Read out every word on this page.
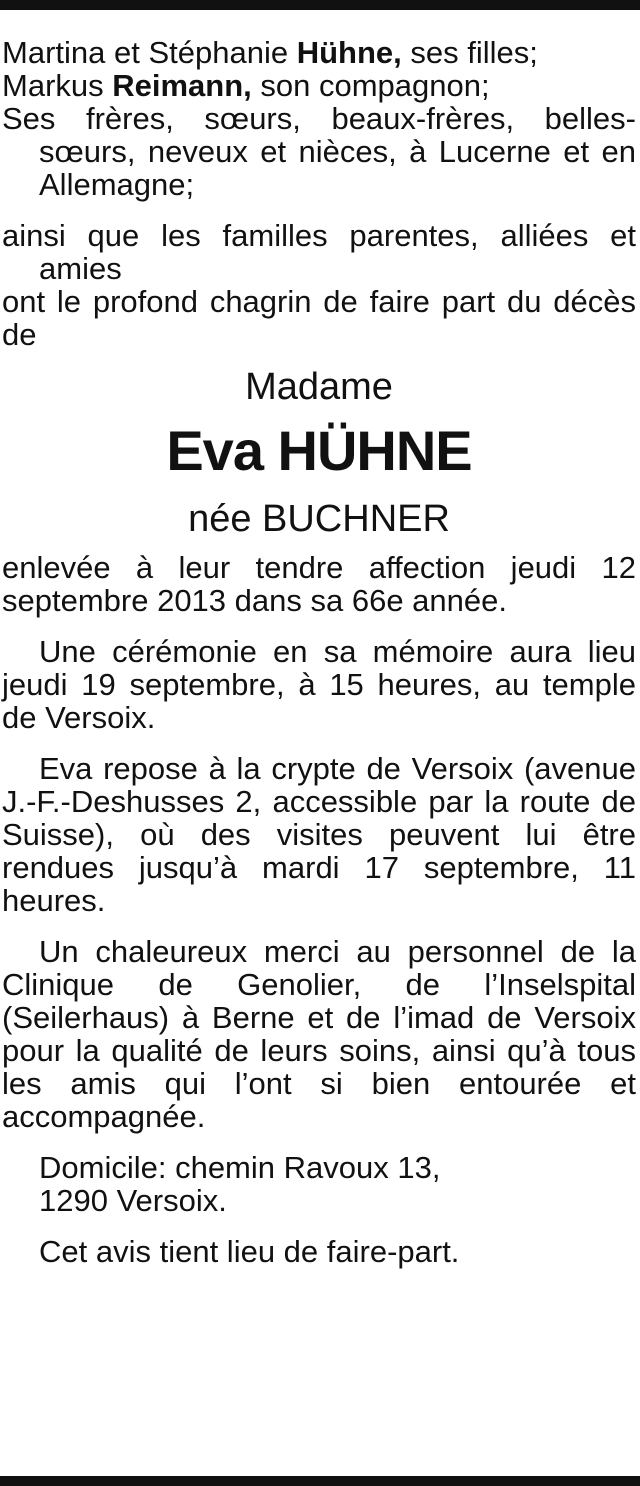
Martina et Stéphanie Hühne, ses filles;
Markus Reimann, son compagnon;
Ses frères, sœurs, beaux-frères, belles-sœurs, neveux et nièces, à Lucerne et en Allemagne;
ainsi que les familles parentes, alliées et amies
ont le profond chagrin de faire part du décès de
Madame
Eva HÜHNE
née BUCHNER
enlevée à leur tendre affection jeudi 12 septembre 2013 dans sa 66e année.
Une cérémonie en sa mémoire aura lieu jeudi 19 septembre, à 15 heures, au temple de Versoix.
Eva repose à la crypte de Versoix (avenue J.-F.-Deshusses 2, accessible par la route de Suisse), où des visites peuvent lui être rendues jusqu’à mardi 17 septembre, 11 heures.
Un chaleureux merci au personnel de la Clinique de Genolier, de l’Inselspital (Seilerhaus) à Berne et de l’imad de Versoix pour la qualité de leurs soins, ainsi qu’à tous les amis qui l’ont si bien entourée et accompagnée.
Domicile: chemin Ravoux 13,
1290 Versoix.
Cet avis tient lieu de faire-part.
